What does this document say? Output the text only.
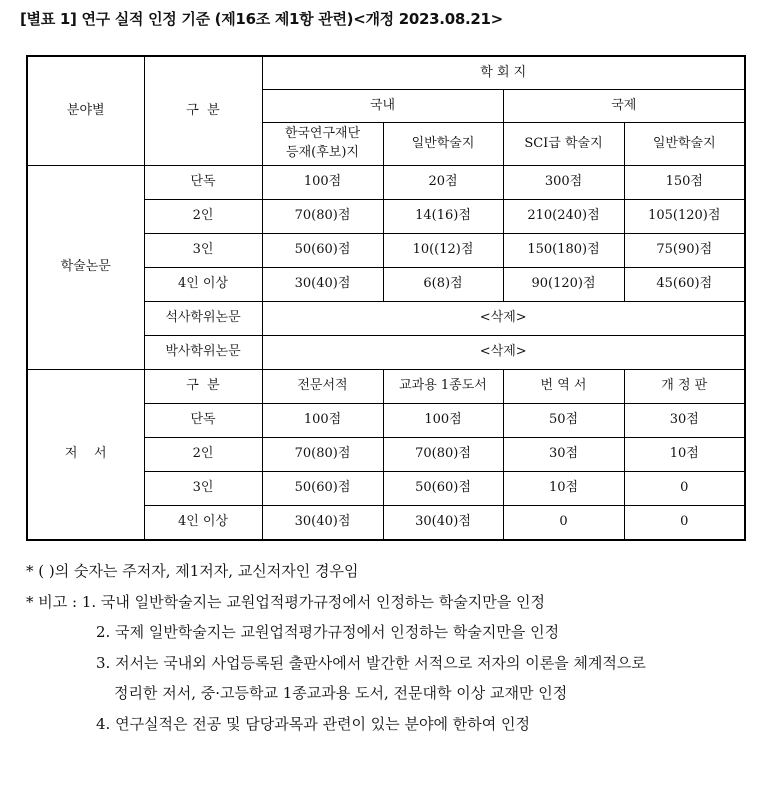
[별표 1] 연구 실적 인정 기준 (제16조 제1항 관련)<개정 2023.08.21>
분야별	구  분	학 회 지			
		국내		국제	

		한국연구재단
등재(후보)지	일반학술지	SCI급 학술지	일반학술지
학술논문	단독	100점	20점	300점	150점
	2인	70(80)점	14(16)점	210(240)점	105(120)점
	3인	50(60)점	10((12)점	150(180)점	75(90)점
	4인 이상	30(40)점	6(8)점	90(120)점	45(60)점
	석사학위논문	<삭제>			
	박사학위논문	<삭제>			
저    서	구  분	전문서적	교과용 1종도서	번 역 서	개 정 판
	단독	100점	100점	50점	30점
	2인	70(80)점	70(80)점	30점	10점
	3인	50(60)점	50(60)점	10점	0
	4인 이상	30(40)점	30(40)점	0	0
* ( )의 숫자는 주저자, 제1저자, 교신저자인 경우임
* 비고 : 1. 국내 일반학술지는 교원업적평가규정에서 인정하는 학술지만을 인정
2. 국제 일반학술지는 교원업적평가규정에서 인정하는 학술지만을 인정
3. 저서는 국내외 사업등록된 출판사에서 발간한 서적으로 저자의 이론을 체계적으로
정리한 저서, 중·고등학교 1종교과용 도서, 전문대학 이상 교재만 인정
4. 연구실적은 전공 및 담당과목과 관련이 있는 분야에 한하여 인정
